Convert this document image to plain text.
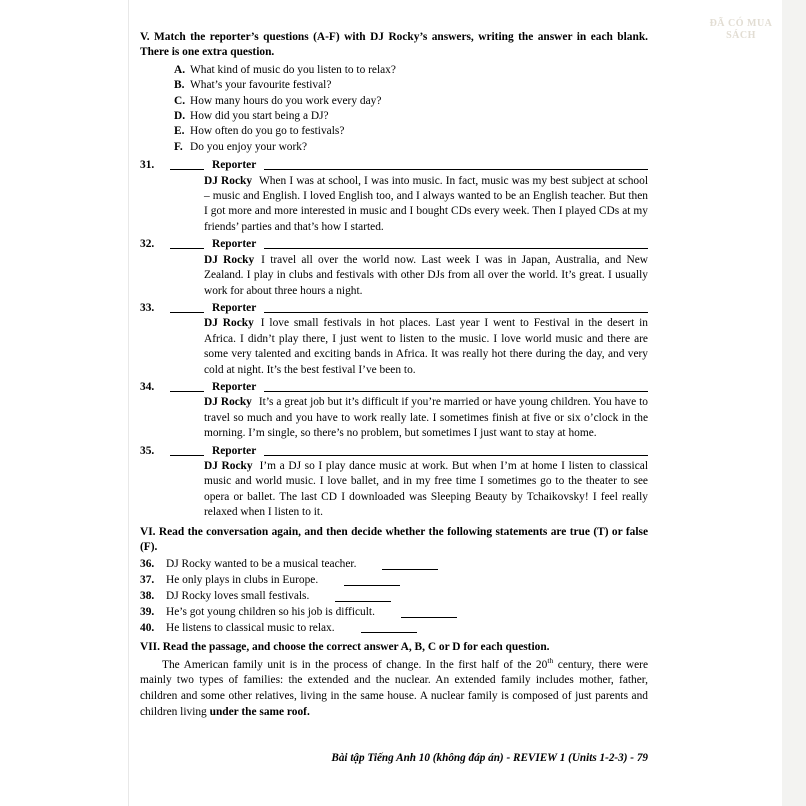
ĐÃ CÓ MUA SÁCH
V. Match the reporter’s questions (A-F) with DJ Rocky’s answers, writing the answer in each blank. There is one extra question.
A. What kind of music do you listen to to relax?
B. What’s your favourite festival?
C. How many hours do you work every day?
D. How did you start being a DJ?
E. How often do you go to festivals?
F. Do you enjoy your work?
31.	Reporter
DJ Rocky When I was at school, I was into music. In fact, music was my best subject at school – music and English. I loved English too, and I always wanted to be an English teacher. But then I got more and more interested in music and I bought CDs every week. Then I played CDs at my friends’ parties and that’s how I started.
32.	Reporter
DJ Rocky I travel all over the world now. Last week I was in Japan, Australia, and New Zealand. I play in clubs and festivals with other DJs from all over the world. It’s great. I usually work for about three hours a night.
33.	Reporter
DJ Rocky I love small festivals in hot places. Last year I went to Festival in the desert in Africa. I didn’t play there, I just went to listen to the music. I love world music and there are some very talented and exciting bands in Africa. It was really hot there during the day, and very cold at night. It’s the best festival I’ve been to.
34.	Reporter
DJ Rocky It’s a great job but it’s difficult if you’re married or have young children. You have to travel so much and you have to work really late. I sometimes finish at five or six o’clock in the morning. I’m single, so there’s no problem, but sometimes I just want to stay at home.
35.	Reporter
DJ Rocky I’m a DJ so I play dance music at work. But when I’m at home I listen to classical music and world music. I love ballet, and in my free time I sometimes go to the theater to see opera or ballet. The last CD I downloaded was Sleeping Beauty by Tchaikovsky! I feel really relaxed when I listen to it.
VI. Read the conversation again, and then decide whether the following statements are true (T) or false (F).
36.	DJ Rocky wanted to be a musical teacher.
37.	He only plays in clubs in Europe.
38.	DJ Rocky loves small festivals.
39.	He’s got young children so his job is difficult.
40.	He listens to classical music to relax.
VII. Read the passage, and choose the correct answer A, B, C or D for each question.
The American family unit is in the process of change. In the first half of the 20th century, there were mainly two types of families: the extended and the nuclear. An extended family includes mother, father, children and some other relatives, living in the same house. A nuclear family is composed of just parents and children living under the same roof.
Bài tập Tiếng Anh 10 (không đáp án) - REVIEW 1 (Units 1-2-3) - 79
